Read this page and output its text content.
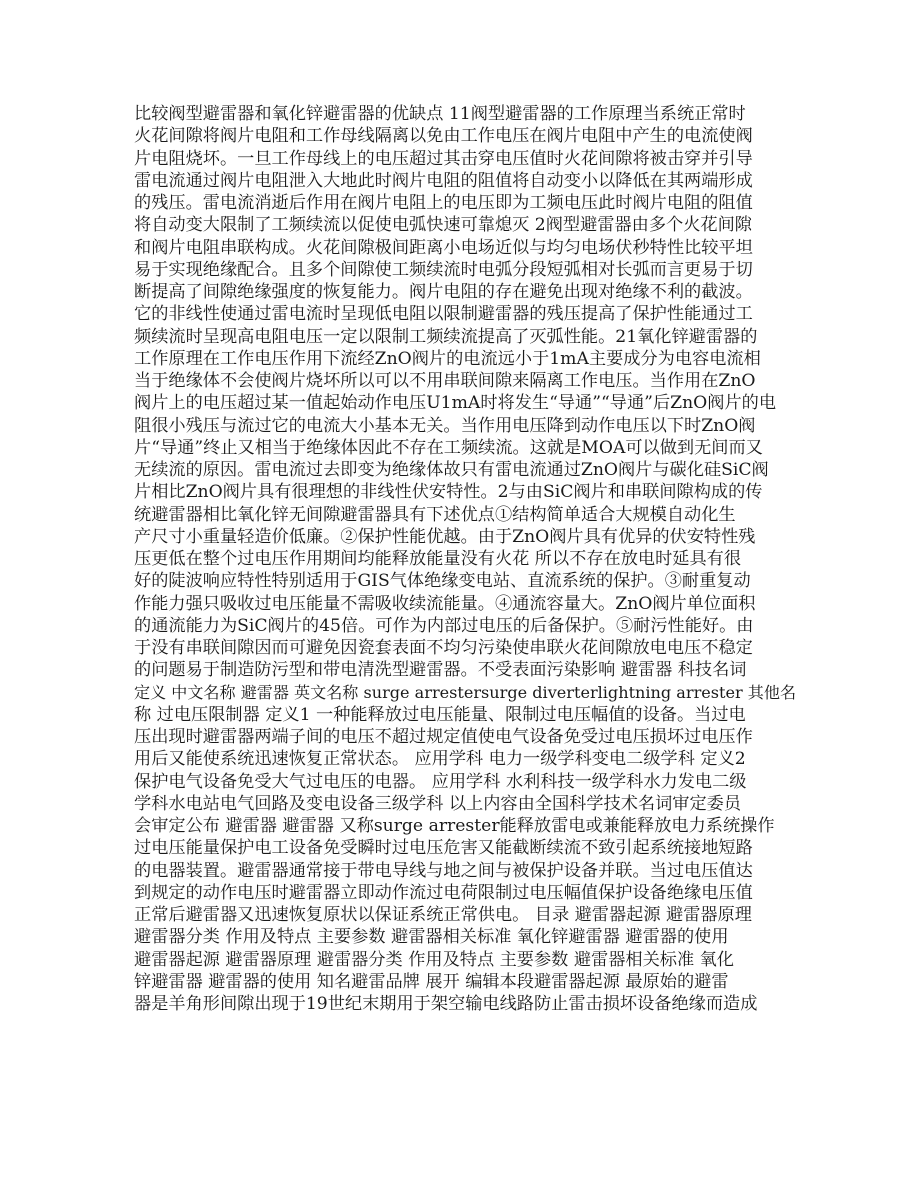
比较阀型避雷器和氧化锌避雷器的优缺点 11阀型避雷器的工作原理当系统正常时
火花间隙将阀片电阻和工作母线隔离以免由工作电压在阀片电阻中产生的电流使阀
片电阻烧坏。一旦工作母线上的电压超过其击穿电压值时火花间隙将被击穿并引导
雷电流通过阀片电阻泄入大地此时阀片电阻的阻值将自动变小以降低在其两端形成
的残压。雷电流消逝后作用在阀片电阻上的电压即为工频电压此时阀片电阻的阻值
将自动变大限制了工频续流以促使电弧快速可靠熄灭 2阀型避雷器由多个火花间隙
和阀片电阻串联构成。火花间隙极间距离小电场近似与均匀电场伏秒特性比较平坦
易于实现绝缘配合。且多个间隙使工频续流时电弧分段短弧相对长弧而言更易于切
断提高了间隙绝缘强度的恢复能力。阀片电阻的存在避免出现对绝缘不利的截波。
它的非线性使通过雷电流时呈现低电阻以限制避雷器的残压提高了保护性能通过工
频续流时呈现高电阻电压一定以限制工频续流提高了灭弧性能。21氧化锌避雷器的
工作原理在工作电压作用下流经ZnO阀片的电流远小于1mA主要成分为电容电流相
当于绝缘体不会使阀片烧坏所以可以不用串联间隙来隔离工作电压。当作用在ZnO
阀片上的电压超过某一值起始动作电压U1mA时将发生“导通”“导通”后ZnO阀片的电
阻很小残压与流过它的电流大小基本无关。当作用电压降到动作电压以下时ZnO阀
片“导通”终止又相当于绝缘体因此不存在工频续流。这就是MOA可以做到无间而又
无续流的原因。雷电流过去即变为绝缘体故只有雷电流通过ZnO阀片与碳化硅SiC阀
片相比ZnO阀片具有很理想的非线性伏安特性。2与由SiC阀片和串联间隙构成的传
统避雷器相比氧化锌无间隙避雷器具有下述优点①结构简单适合大规模自动化生
产尺寸小重量轻造价低廉。②保护性能优越。由于ZnO阀片具有优异的伏安特性残
压更低在整个过电压作用期间均能释放能量没有火花 所以不存在放电时延具有很
好的陡波响应特性特别适用于GIS气体绝缘变电站、直流系统的保护。③耐重复动
作能力强只吸收过电压能量不需吸收续流能量。④通流容量大。ZnO阀片单位面积
的通流能力为SiC阀片的45倍。可作为内部过电压的后备保护。⑤耐污性能好。由
于没有串联间隙因而可避免因瓷套表面不均匀污染使串联火花间隙放电电压不稳定
的问题易于制造防污型和带电清洗型避雷器。不受表面污染影响 避雷器 科技名词
定义 中文名称 避雷器 英文名称 surge arrestersurge diverterlightning arrester 其他名
称 过电压限制器 定义1 一种能释放过电压能量、限制过电压幅值的设备。当过电
压出现时避雷器两端子间的电压不超过规定值使电气设备免受过电压损坏过电压作
用后又能使系统迅速恢复正常状态。 应用学科 电力一级学科变电二级学科 定义2
保护电气设备免受大气过电压的电器。 应用学科 水利科技一级学科水力发电二级
学科水电站电气回路及变电设备三级学科 以上内容由全国科学技术名词审定委员
会审定公布 避雷器 避雷器 又称surge arrester能释放雷电或兼能释放电力系统操作
过电压能量保护电工设备免受瞬时过电压危害又能截断续流不致引起系统接地短路
的电器装置。避雷器通常接于带电导线与地之间与被保护设备并联。当过电压值达
到规定的动作电压时避雷器立即动作流过电荷限制过电压幅值保护设备绝缘电压值
正常后避雷器又迅速恢复原状以保证系统正常供电。 目录 避雷器起源 避雷器原理
避雷器分类 作用及特点 主要参数 避雷器相关标准 氧化锌避雷器 避雷器的使用
避雷器起源 避雷器原理 避雷器分类 作用及特点 主要参数 避雷器相关标准 氧化
锌避雷器 避雷器的使用 知名避雷品牌 展开 编辑本段避雷器起源 最原始的避雷
器是羊角形间隙出现于19世纪末期用于架空输电线路防止雷击损坏设备绝缘而造成
